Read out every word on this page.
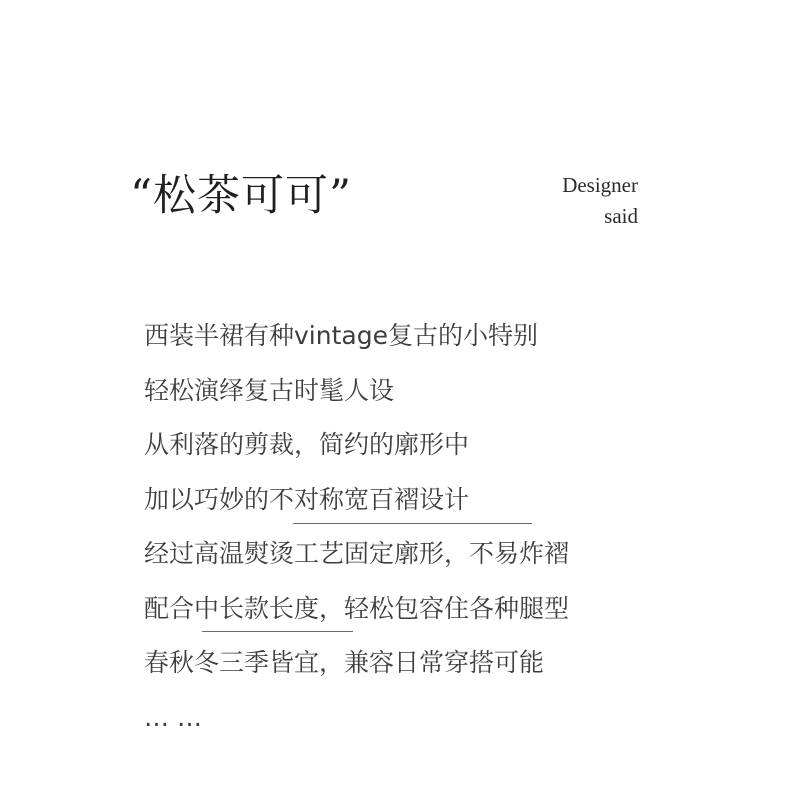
“松茶可可”	Designer
said
西装半裙有种vintage复古的小特别
轻松演绎复古时髦人设
从利落的剪裁，简约的廓形中
加以巧妙的不对称宽百褶设计
经过高温熨烫工艺固定廓形，不易炸褶
配合中长款长度，轻松包容住各种腿型
春秋冬三季皆宜，兼容日常穿搭可能
… …
